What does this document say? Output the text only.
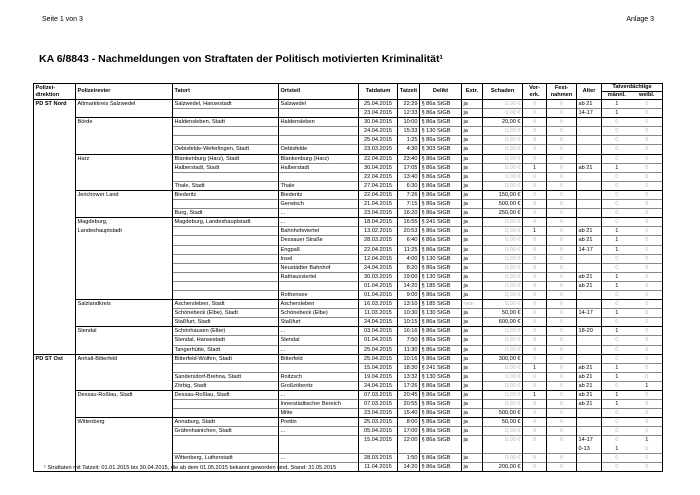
Seite 1 von 3	Anlage 3
KA 6/8843 - Nachmeldungen von Straftaten der Politisch motivierten Kriminalität¹
Polizei-direktion	Polizeirevier	Tatort	Ortsteil	Tatdatum	Tatzeit	Delikt	Extr.	Schaden	Vor-erk.	Fest-nahmen	Alter	Tatverdächtige	
												männl.	weibl.
PD ST Nord	Altmarkkreis Salzwedel	Salzwedel, Hansestadt	Salzwedel	25.04.2015	22:29	§ 86a StGB	ja	0,00 €	0	0	ab 21	1	0
				23.04.2015	12:33	§ 86a StGB	ja	0,00 €	0	0	14-17	1	0
	Börde	Haldensleben, Stadt	Haldensleben	30.04.2015	10:00	§ 86a StGB	ja	20,00 €	0	0		0	0
				24.04.2015	15:33	§ 130 StGB	ja	0,00 €	0	0		0	0
				25.04.2015	1:25	§ 86a StGB	ja	0,00 €	0	0		0	0
		Oebisfelde-Weferlingen, Stadt	Oebisfelde	23.03.2015	4:30	§ 303 StGB	ja	0,00 €	0	0		0	0
	Harz	Blankenburg (Harz), Stadt	Blankenburg (Harz)	22.04.2015	23:40	§ 86a StGB	ja	0,00 €	0	0		0	0
		Halberstadt, Stadt	Halberstadt	30.04.2015	17:05	§ 86a StGB	ja	0,00 €	1	0	ab 21	1	0
				22.04.2015	13:40	§ 86a StGB	ja	0,00 €	0	0		0	0
		Thale, Stadt	Thale	27.04.2015	6:30	§ 86a StGB	ja	0,00 €	0	0		0	0
	Jerichower Land	Biederitz	Biederitz	22.04.2015	7:26	§ 86a StGB	ja	150,00 €	0	0		0	0
			Gerwisch	21.04.2015	7:15	§ 86a StGB	ja	500,00 €	0	0		0	0
		Burg, Stadt	...	23.04.2015	16:20	§ 86a StGB	ja	250,00 €	0	0		0	0
	Magdeburg,	Magdeburg, Landeshauptstadt	...	18.04.2015	16:55	§ 241 StGB	ja	0,00 €	0	0		0	0
	Landeshauptstadt		Bahnhofsviertel	13.02.2015	20:53	§ 86a StGB	ja	0,00 €	1	0	ab 21	1	0
			Dessauer Straße	28.03.2015	6:40	§ 86a StGB	ja	0,00 €	0	0	ab 21	1	0
			Engpaß	22.04.2015	11:25	§ 86a StGB	ja	0,00 €	0	0	14-17	1	0
			Insel	12.04.2015	4:00	§ 130 StGB	ja	0,00 €	0	0		0	0
			Neustädter Bahnhof	24.04.2015	8:20	§ 86a StGB	ja	0,00 €	0	0		0	0
			Rathausviertel	30.03.2015	19:00	§ 130 StGB	ja	0,00 €	0	0	ab 21	1	0
				01.04.2015	14:20	§ 185 StGB	ja	0,00 €	0	0	ab 21	1	0
			Rothensee	01.04.2015	9:00	§ 86a StGB	ja	0,00 €	0	0		0	0
	Salzlandkreis	Aschersleben, Stadt	Aschersleben	16.03.2015	13:10	§ 185 StGB	nein	0,00 €	0	0		0	0
		Schönebeck (Elbe), Stadt	Schönebeck (Elbe)	11.03.2015	10:30	§ 130 StGB	ja	50,00 €	0	0	14-17	1	0
		Staßfurt, Stadt	Staßfurt	24.04.2015	10:15	§ 86a StGB	ja	600,00 €	0	0		0	0
	Stendal	Schönhausen (Elbe)	...	03.04.2015	16:16	§ 86a StGB	ja	0,00 €	0	0	18-20	1	0
		Stendal, Hansestadt	Stendal	01.04.2015	7:50	§ 86a StGB	ja	0,00 €	0	0		0	0
		Tangerhütte, Stadt	...	25.04.2015	11:30	§ 86a StGB	ja	0,00 €	0	0		0	0
PD ST Ost	Anhalt-Bitterfeld	Bitterfeld-Wolfen, Stadt	Bitterfeld	25.04.2015	10:16	§ 86a StGB	ja	300,00 €	0	0		0	0
				15.04.2015	18:30	§ 241 StGB	ja	0,00 €	1	0	ab 21	1	0
		Sandersdorf-Brehna, Stadt	Roitzsch	19.04.2015	13:32	§ 130 StGB	ja	0,00 €	0	0	ab 21	1	0
		Zörbig, Stadt	Großzöberitz	24.04.2015	17:26	§ 86a StGB	ja	0,00 €	0	0	ab 21	0	1
	Dessau-Roßlau, Stadt	Dessau-Roßlau, Stadt	...	07.03.2015	20:45	§ 86a StGB	ja	0,00 €	1	0	ab 21	1	0
			Innerstädtischer Bereich	07.03.2015	20:55	§ 86a StGB	ja	0,00 €	0	0	ab 21	1	0
			Mitte	23.04.2015	15:40	§ 86a StGB	ja	500,00 €	0	0		0	0
	Wittenberg	Annaburg, Stadt	Prettin	25.03.2015	8:00	§ 86a StGB	ja	50,00 €	0	0		0	0
		Gräfenhainichen, Stadt	...	05.04.2015	17:00	§ 86a StGB	ja	0,00 €	0	0		0	0
				15.04.2015	12:00	§ 86a StGB	ja	0,00 €	0	0	14-17	0	1
											0-13	1	0
		Wittenberg, Lutherstadt	...	28.03.2015	1:50	§ 86a StGB	ja	0,00 €	0	0		0	0
				11.04.2015	14:20	§ 86a StGB	ja	200,00 €	0	0		0	0
¹ Straftaten mit Tatzeit: 01.01.2015 bis 30.04.2015, die ab dem 01.05.2015 bekannt geworden sind. Stand: 31.05.2015
